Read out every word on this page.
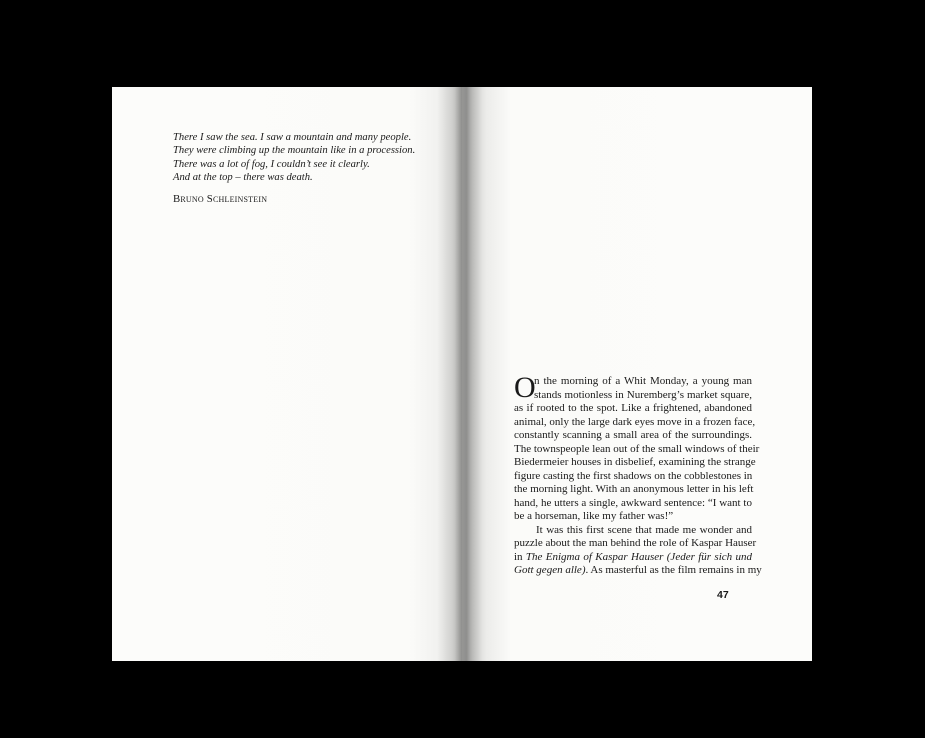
There I saw the sea. I saw a mountain and many people.
They were climbing up the mountain like in a procession.
There was a lot of fog, I couldn’t see it clearly.
And at the top – there was death.
Bruno Schleinstein
O
n the morning of a Whit Monday, a young man
stands motionless in Nuremberg’s market square,
as if rooted to the spot. Like a frightened, abandoned
animal, only the large dark eyes move in a frozen face,
constantly scanning a small area of the surroundings.
The townspeople lean out of the small windows of their
Biedermeier houses in disbelief, examining the strange
figure casting the first shadows on the cobblestones in
the morning light. With an anonymous letter in his left
hand, he utters a single, awkward sentence: “I want to
be a horseman, like my father was!”
It was this first scene that made me wonder and
puzzle about the man behind the role of Kaspar Hauser
in The Enigma of Kaspar Hauser (Jeder für sich und
Gott gegen alle). As masterful as the film remains in my
47
